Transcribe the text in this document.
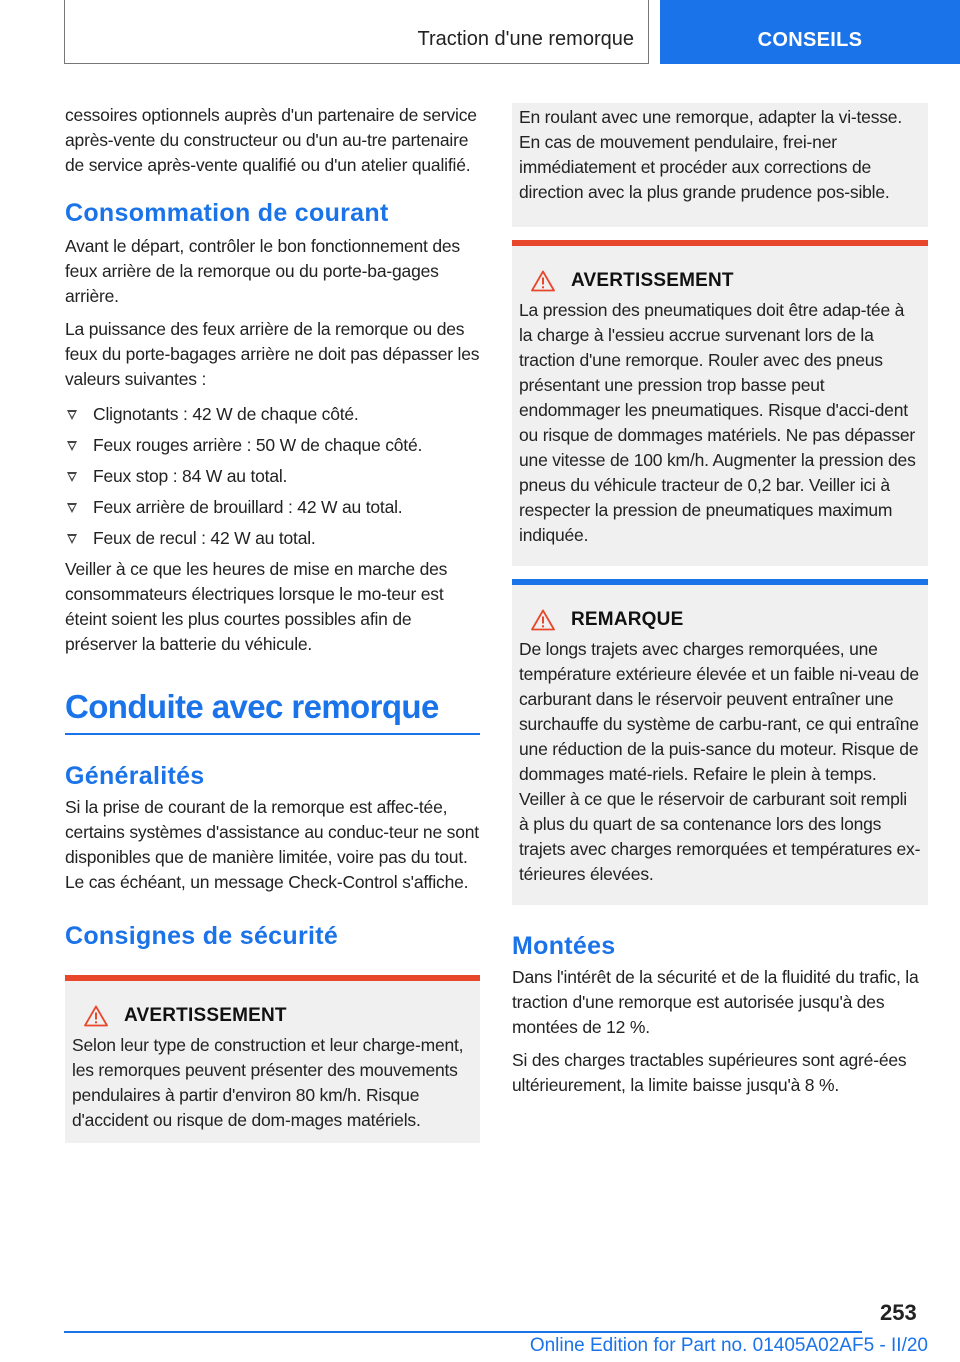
Traction d'une remorque	CONSEILS

cessoires optionnels auprès d'un partenaire de service après-vente du constructeur ou d'un au-tre partenaire de service après-vente qualifié ou d'un atelier qualifié.

Consommation de courant

Avant le départ, contrôler le bon fonctionnement des feux arrière de la remorque ou du porte-ba-gages arrière.

La puissance des feux arrière de la remorque ou des feux du porte-bagages arrière ne doit pas dépasser les valeurs suivantes :

Clignotants : 42 W de chaque côté.
Feux rouges arrière : 50 W de chaque côté.
Feux stop : 84 W au total.
Feux arrière de brouillard : 42 W au total.
Feux de recul : 42 W au total.

Veiller à ce que les heures de mise en marche des consommateurs électriques lorsque le mo-teur est éteint soient les plus courtes possibles afin de préserver la batterie du véhicule.

Conduite avec remorque
Généralités

Si la prise de courant de la remorque est affec-tée, certains systèmes d'assistance au conduc-teur ne sont disponibles que de manière limitée, voire pas du tout. Le cas échéant, un message Check-Control s'affiche.

Consignes de sécurité
AVERTISSEMENT

Selon leur type de construction et leur charge-ment, les remorques peuvent présenter des mouvements pendulaires à partir d'environ 80 km/h. Risque d'accident ou risque de dom-mages matériels.

En roulant avec une remorque, adapter la vi-tesse. En cas de mouvement pendulaire, frei-ner immédiatement et procéder aux corrections de direction avec la plus grande prudence pos-sible.

AVERTISSEMENT

La pression des pneumatiques doit être adap-tée à la charge à l'essieu accrue survenant lors de la traction d'une remorque. Rouler avec des pneus présentant une pression trop basse peut endommager les pneumatiques. Risque d'acci-dent ou risque de dommages matériels. Ne pas dépasser une vitesse de 100 km/h. Augmenter la pression des pneus du véhicule tracteur de 0,2 bar. Veiller ici à respecter la pression de pneumatiques maximum indiquée.

REMARQUE

De longs trajets avec charges remorquées, une température extérieure élevée et un faible ni-veau de carburant dans le réservoir peuvent entraîner une surchauffe du système de carbu-rant, ce qui entraîne une réduction de la puis-sance du moteur. Risque de dommages maté-riels. Refaire le plein à temps. Veiller à ce que le réservoir de carburant soit rempli à plus du quart de sa contenance lors des longs trajets avec charges remorquées et températures ex-térieures élevées.

Montées

Dans l'intérêt de la sécurité et de la fluidité du trafic, la traction d'une remorque est autorisée jusqu'à des montées de 12 %.

Si des charges tractables supérieures sont agré-ées ultérieurement, la limite baisse jusqu'à 8 %.

253
Online Edition for Part no. 01405A02AF5 - II/20
